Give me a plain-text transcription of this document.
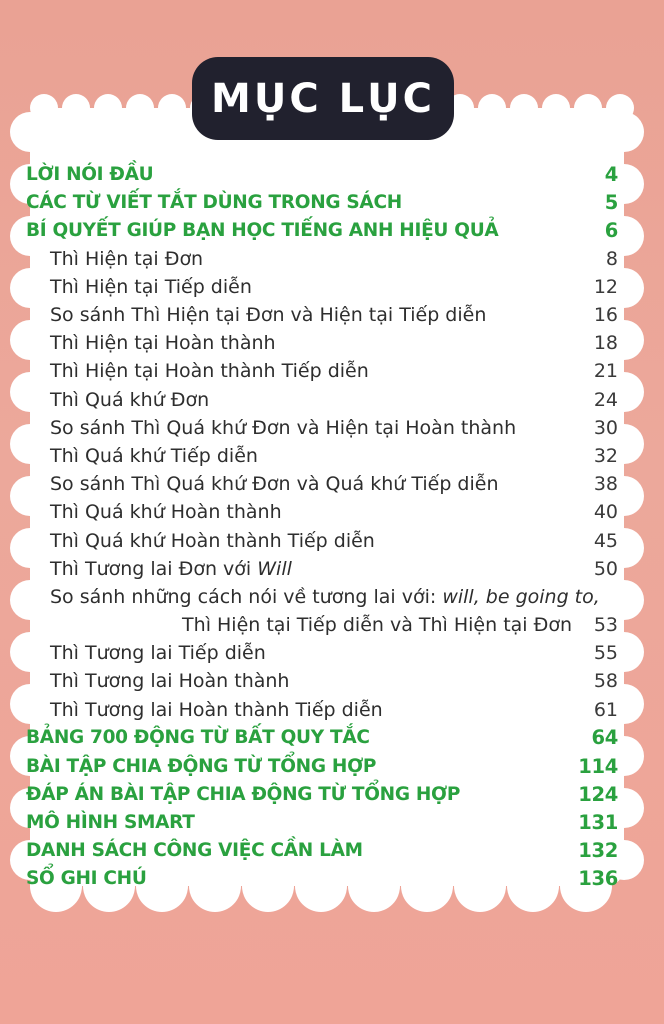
MỤC LỤC
LỜI NÓI ĐẦU	4
CÁC TỪ VIẾT TẮT DÙNG TRONG SÁCH	5
BÍ QUYẾT GIÚP BẠN HỌC TIẾNG ANH HIỆU QUẢ	6
Thì Hiện tại Đơn	8
Thì Hiện tại Tiếp diễn	12
So sánh Thì Hiện tại Đơn và Hiện tại Tiếp diễn	16
Thì Hiện tại Hoàn thành	18
Thì Hiện tại Hoàn thành Tiếp diễn	21
Thì Quá khứ Đơn	24
So sánh Thì Quá khứ Đơn và Hiện tại Hoàn thành	30
Thì Quá khứ Tiếp diễn	32
So sánh Thì Quá khứ Đơn và Quá khứ Tiếp diễn	38
Thì Quá khứ Hoàn thành	40
Thì Quá khứ Hoàn thành Tiếp diễn	45
Thì Tương lai Đơn với Will	50
So sánh những cách nói về tương lai với: will, be going to,
Thì Hiện tại Tiếp diễn và Thì Hiện tại Đơn	53
Thì Tương lai Tiếp diễn	55
Thì Tương lai Hoàn thành	58
Thì Tương lai Hoàn thành Tiếp diễn	61
BẢNG 700 ĐỘNG TỪ BẤT QUY TẮC	64
BÀI TẬP CHIA ĐỘNG TỪ TỔNG HỢP	114
ĐÁP ÁN BÀI TẬP CHIA ĐỘNG TỪ TỔNG HỢP	124
MÔ HÌNH SMART	131
DANH SÁCH CÔNG VIỆC CẦN LÀM	132
SỔ GHI CHÚ	136
